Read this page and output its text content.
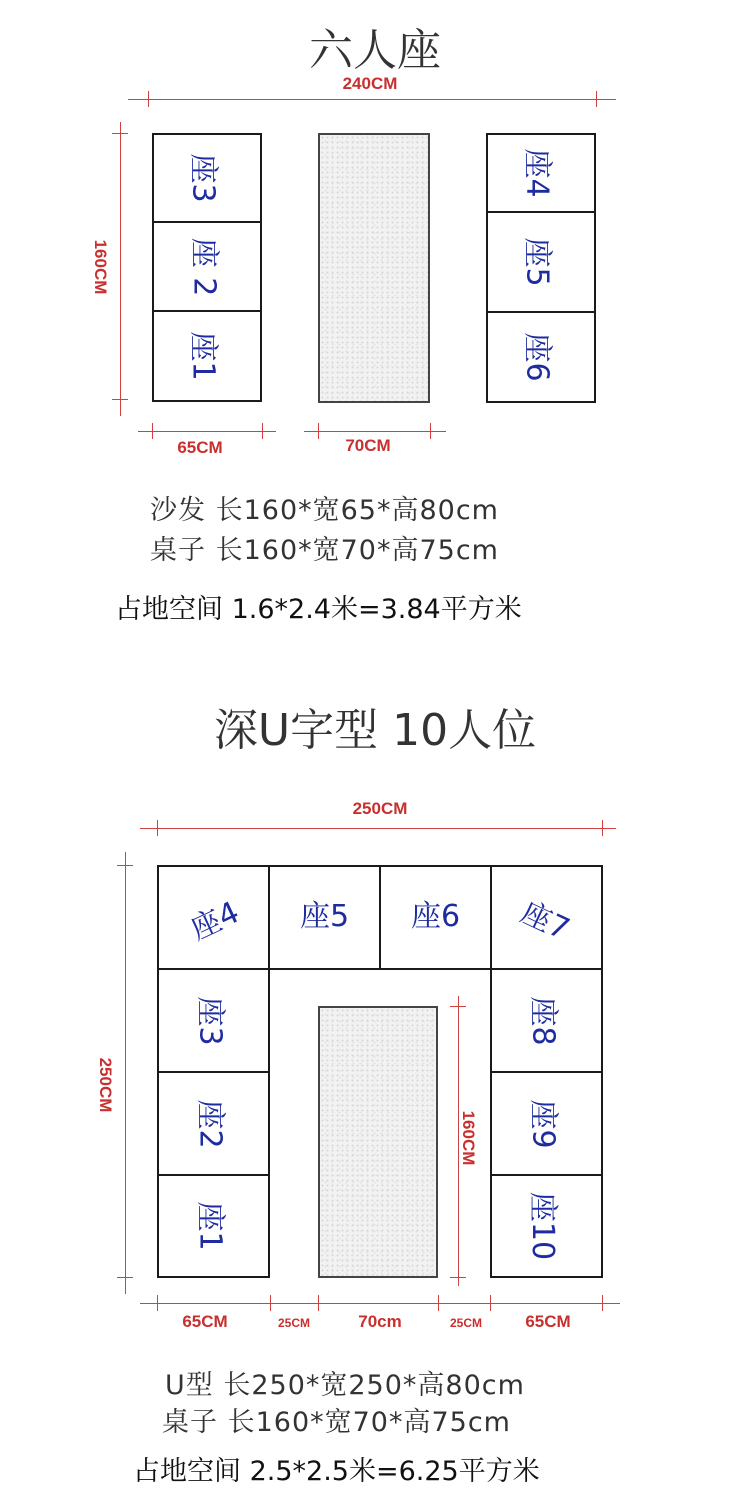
六人座
240CM
160CM
座3
座 2
座1
座4
座5
座6
65CM	70CM
沙发 长160*宽65*高80cm
桌子 长160*宽70*高75cm
占地空间 1.6*2.4米=3.84平方米
深U字型 10人位
250CM
250CM
座4 座5 座6 座7
座3
座2
座1
座8
座9
座10
160CM
65CM	25CM	70cm	25CM	65CM
U型 长250*宽250*高80cm
桌子 长160*宽70*高75cm
占地空间 2.5*2.5米=6.25平方米
